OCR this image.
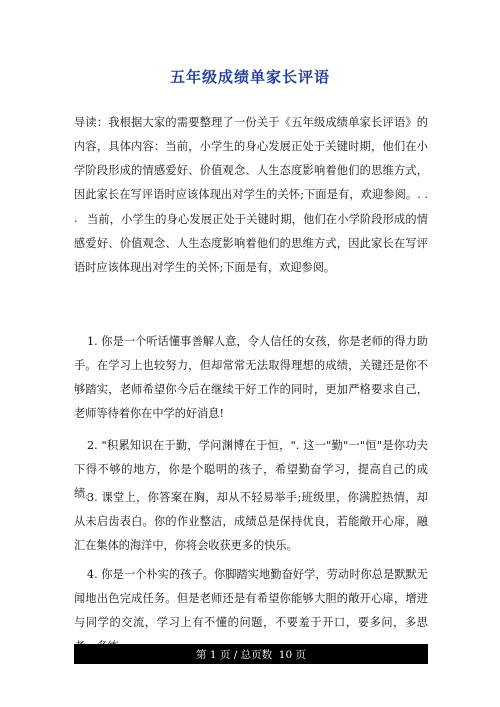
五年级成绩单家长评语
导读：我根据大家的需要整理了一份关于《五年级成绩单家长评语》的内容，具体内容：当前，小学生的身心发展正处于关键时期，他们在小学阶段形成的情感爱好、价值观念、人生态度影响着他们的思维方式，因此家长在写评语时应该体现出对学生的关怀;下面是有，欢迎参阅。. . . 当前，小学生的身心发展正处于关键时期，他们在小学阶段形成的情感爱好、价值观念、人生态度影响着他们的思维方式，因此家长在写评语时应该体现出对学生的关怀;下面是有，欢迎参阅。
1. 你是一个听话懂事善解人意，令人信任的女孩，你是老师的得力助手。在学习上也较努力，但却常常无法取得理想的成绩，关键还是你不够踏实，老师希望你今后在继续干好工作的同时，更加严格要求自己，老师等待着你在中学的好消息!
2. "积累知识在于勤，学问渊博在于恒，". 这一"勤"一"恒"是你功夫下得不够的地方，你是个聪明的孩子，希望勤奋学习，提高自己的成绩。
3. 课堂上，你答案在胸，却从不轻易举手;班级里，你满腔热情，却从未启齿表白。你的作业整洁，成绩总是保持优良，若能敞开心扉，融汇在集体的海洋中，你将会收获更多的快乐。
4. 你是一个朴实的孩子。你脚踏实地勤奋好学，劳动时你总是默默无闻地出色完成任务。但是老师还是有希望你能够大胆的敞开心扉，增进与同学的交流，学习上有不懂的问题，不要羞于开口，要多问，多思
第 1 页 / 总页数  10 页
